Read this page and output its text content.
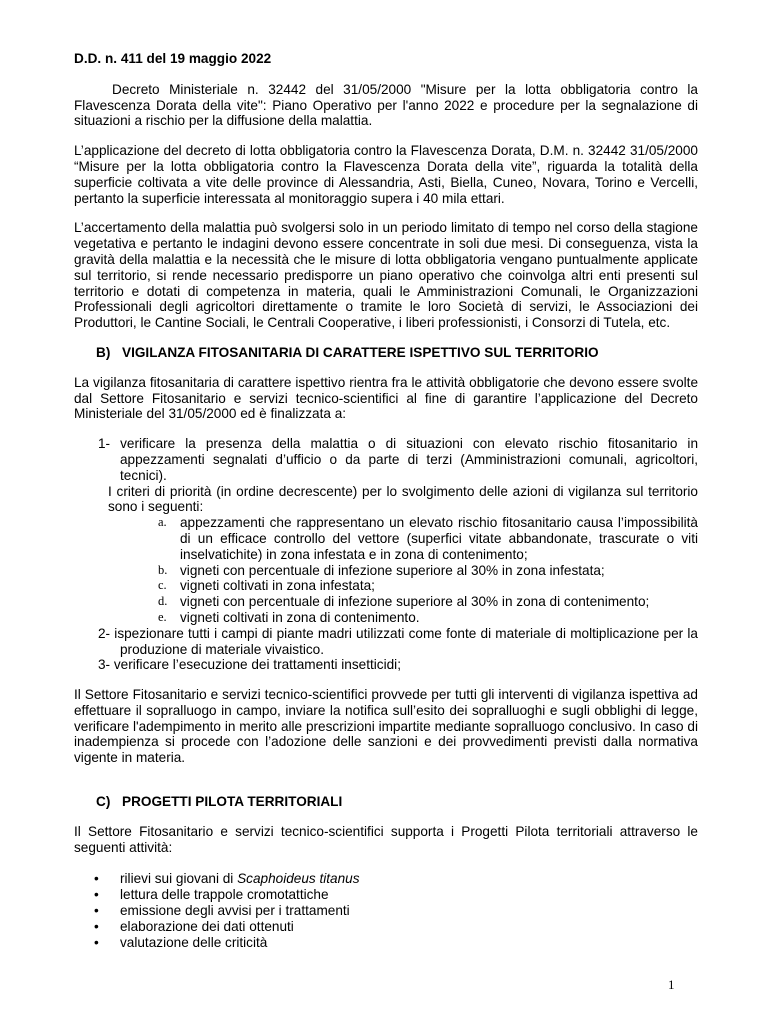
D.D. n. 411 del 19 maggio 2022

Decreto Ministeriale n. 32442 del 31/05/2000 "Misure per la lotta obbligatoria contro la Flavescenza Dorata della vite": Piano Operativo per l'anno 2022 e procedure per la segnalazione di situazioni a rischio per la diffusione della malattia.

L’applicazione del decreto di lotta obbligatoria contro la Flavescenza Dorata, D.M. n. 32442 31/05/2000 “Misure per la lotta obbligatoria contro la Flavescenza Dorata della vite”, riguarda la totalità della superficie coltivata a vite delle province di Alessandria, Asti, Biella, Cuneo, Novara, Torino e Vercelli, pertanto la superficie interessata al monitoraggio supera i 40 mila ettari.

L’accertamento della malattia può svolgersi solo in un periodo limitato di tempo nel corso della stagione vegetativa e pertanto le indagini devono essere concentrate in soli due mesi. Di conseguenza, vista la gravità della malattia e la necessità che le misure di lotta obbligatoria vengano puntualmente applicate sul territorio, si rende necessario predisporre un piano operativo che coinvolga altri enti presenti sul territorio e dotati di competenza in materia, quali le Amministrazioni Comunali, le Organizzazioni Professionali degli agricoltori direttamente o tramite le loro Società di servizi, le Associazioni dei Produttori, le Cantine Sociali, le Centrali Cooperative, i liberi professionisti, i Consorzi di Tutela, etc.

B) VIGILANZA FITOSANITARIA DI CARATTERE ISPETTIVO SUL TERRITORIO

La vigilanza fitosanitaria di carattere ispettivo rientra fra le attività obbligatorie che devono essere svolte dal Settore Fitosanitario e servizi tecnico-scientifici al fine di garantire l’applicazione del Decreto Ministeriale del 31/05/2000 ed è finalizzata a:

1- verificare la presenza della malattia o di situazioni con elevato rischio fitosanitario in appezzamenti segnalati d’ufficio o da parte di terzi (Amministrazioni comunali, agricoltori, tecnici).
I criteri di priorità (in ordine decrescente) per lo svolgimento delle azioni di vigilanza sul territorio sono i seguenti:
a. appezzamenti che rappresentano un elevato rischio fitosanitario causa l’impossibilità di un efficace controllo del vettore (superfici vitate abbandonate, trascurate o viti inselvatichite) in zona infestata e in zona di contenimento;
b. vigneti con percentuale di infezione superiore al 30% in zona infestata;
c. vigneti coltivati in zona infestata;
d. vigneti con percentuale di infezione superiore al 30% in zona di contenimento;
e. vigneti coltivati in zona di contenimento.
2- ispezionare tutti i campi di piante madri utilizzati come fonte di materiale di moltiplicazione per la produzione di materiale vivaistico.
3- verificare l’esecuzione dei trattamenti insetticidi;

Il Settore Fitosanitario e servizi tecnico-scientifici provvede per tutti gli interventi di vigilanza ispettiva ad effettuare il sopralluogo in campo, inviare la notifica sull’esito dei sopralluoghi e sugli obblighi di legge, verificare l'adempimento in merito alle prescrizioni impartite mediante sopralluogo conclusivo. In caso di inadempienza si procede con l’adozione delle sanzioni e dei provvedimenti previsti dalla normativa vigente in materia.

C) PROGETTI PILOTA TERRITORIALI

Il Settore Fitosanitario e servizi tecnico-scientifici supporta i Progetti Pilota territoriali attraverso le seguenti attività:

• rilievi sui giovani di Scaphoideus titanus
• lettura delle trappole cromotattiche
• emissione degli avvisi per i trattamenti
• elaborazione dei dati ottenuti
• valutazione delle criticità
1
